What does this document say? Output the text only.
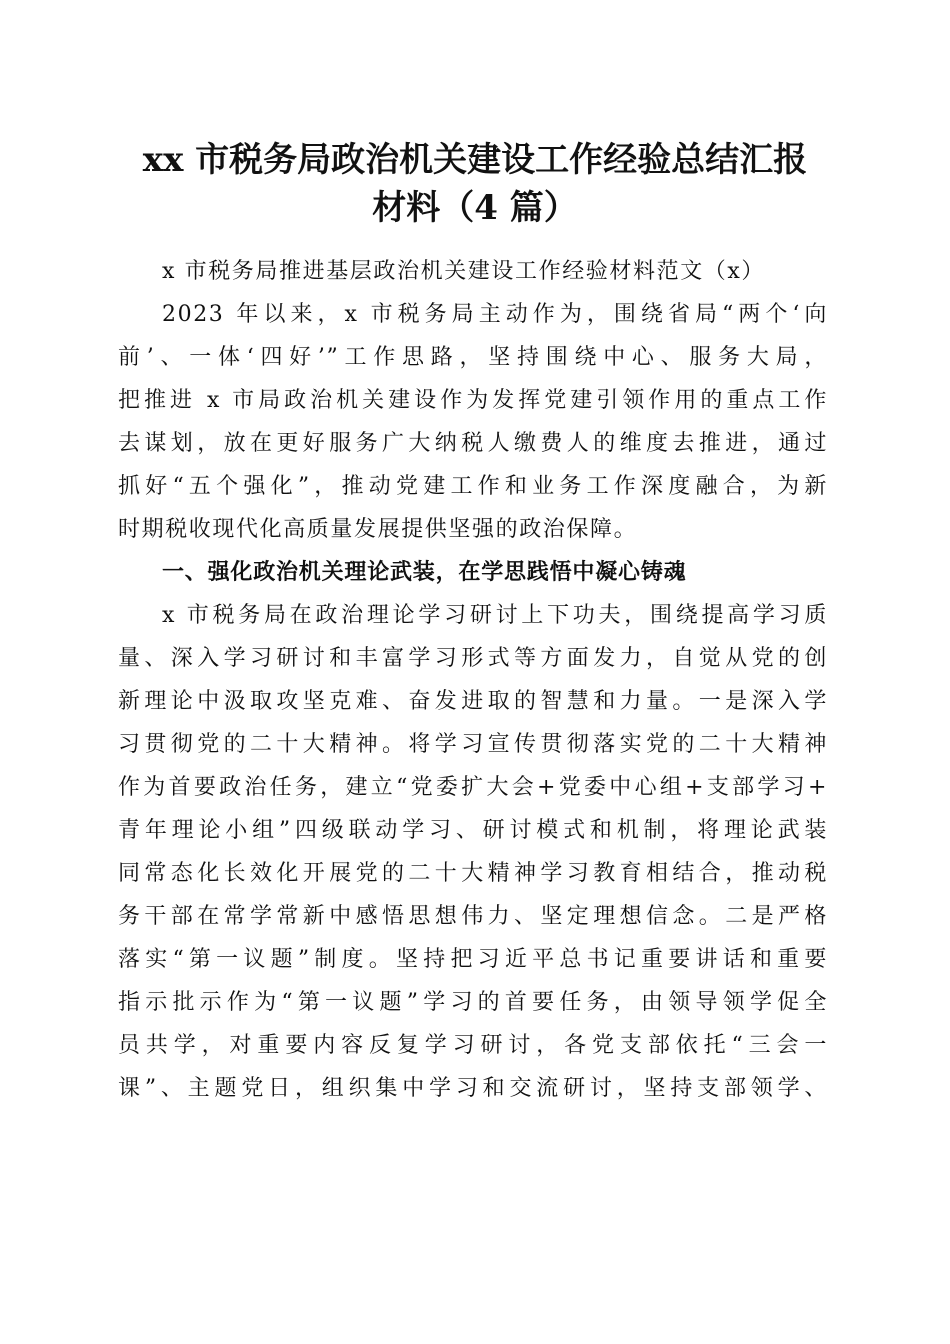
xx 市税务局政治机关建设工作经验总结汇报
材料（4 篇）
x 市税务局推进基层政治机关建设工作经验材料范文（x）
2023 年以来，x 市税务局主动作为，围绕省局“两个‘向
前’、一体‘四好’”工作思路，坚持围绕中心、服务大局，
把推进 x 市局政治机关建设作为发挥党建引领作用的重点工作
去谋划，放在更好服务广大纳税人缴费人的维度去推进，通过
抓好“五个强化”，推动党建工作和业务工作深度融合，为新
时期税收现代化高质量发展提供坚强的政治保障。
一、强化政治机关理论武装，在学思践悟中凝心铸魂
x 市税务局在政治理论学习研讨上下功夫，围绕提高学习质
量、深入学习研讨和丰富学习形式等方面发力，自觉从党的创
新理论中汲取攻坚克难、奋发进取的智慧和力量。一是深入学
习贯彻党的二十大精神。将学习宣传贯彻落实党的二十大精神
作为首要政治任务，建立“党委扩大会+党委中心组+支部学习+
青年理论小组”四级联动学习、研讨模式和机制，将理论武装
同常态化长效化开展党的二十大精神学习教育相结合，推动税
务干部在常学常新中感悟思想伟力、坚定理想信念。二是严格
落实“第一议题”制度。坚持把习近平总书记重要讲话和重要
指示批示作为“第一议题”学习的首要任务，由领导领学促全
员共学，对重要内容反复学习研讨，各党支部依托“三会一
课”、主题党日，组织集中学习和交流研讨，坚持支部领学、
